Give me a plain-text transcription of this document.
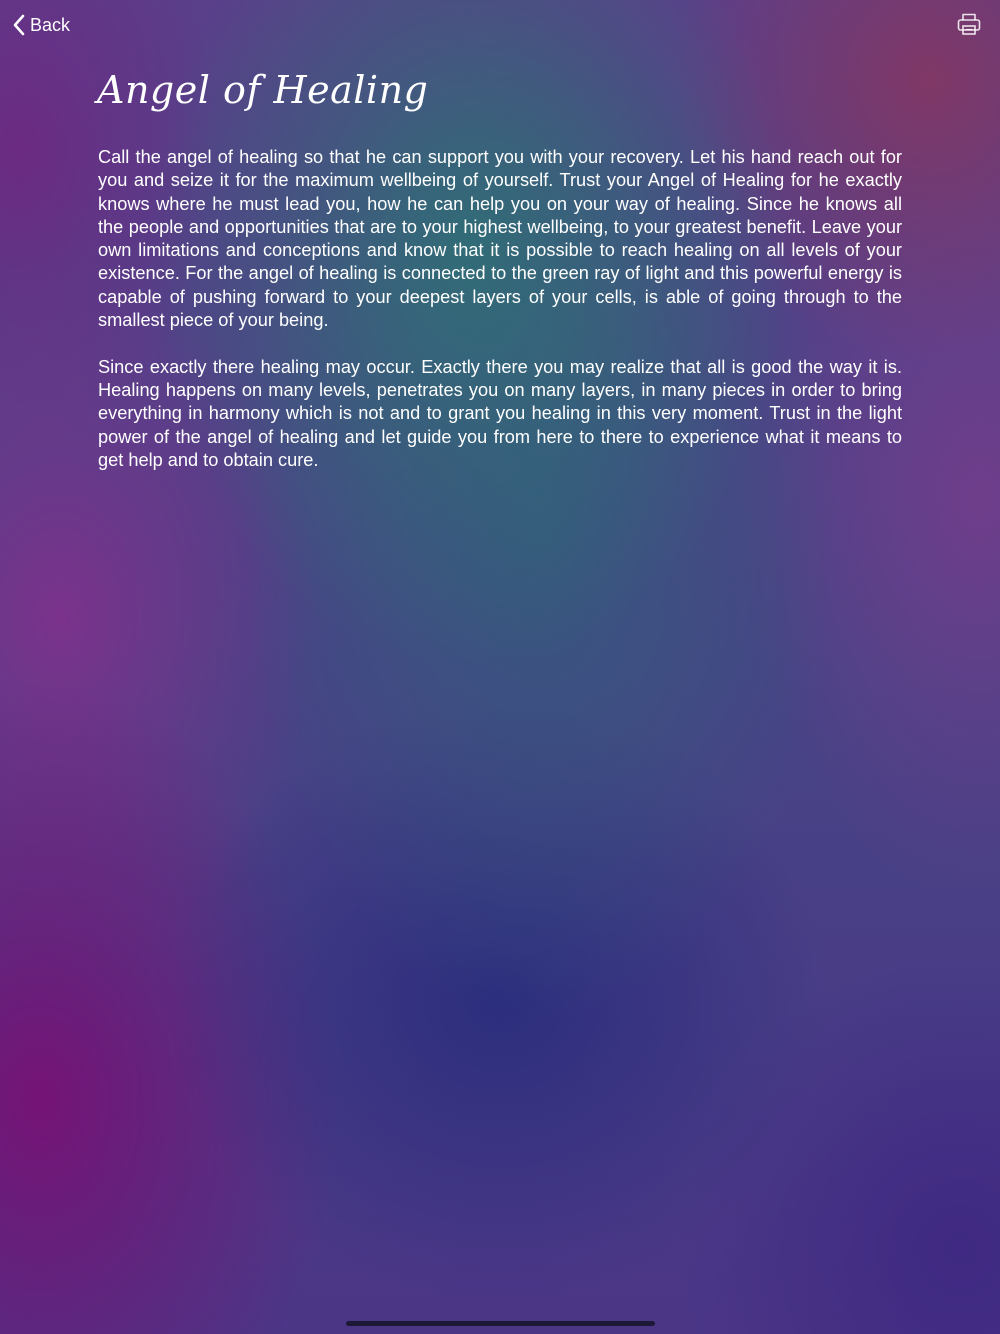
Back
Angel of Healing

Call the angel of healing so that he can support you with your recovery. Let his hand reach out for you and seize it for the maximum wellbeing of yourself. Trust your Angel of Healing for he exactly knows where he must lead you, how he can help you on your way of healing. Since he knows all the people and opportunities that are to your highest wellbeing, to your greatest benefit. Leave your own limitations and conceptions and know that it is possible to reach healing on all levels of your existence. For the angel of healing is connected to the green ray of light and this powerful energy is capable of pushing forward to your deepest layers of your cells, is able of going through to the smallest piece of your being.

Since exactly there healing may occur. Exactly there you may realize that all is good the way it is. Healing happens on many levels, penetrates you on many layers, in many pieces in order to bring everything in harmony which is not and to grant you healing in this very moment. Trust in the light power of the angel of healing and let guide you from here to there to experience what it means to get help and to obtain cure.
